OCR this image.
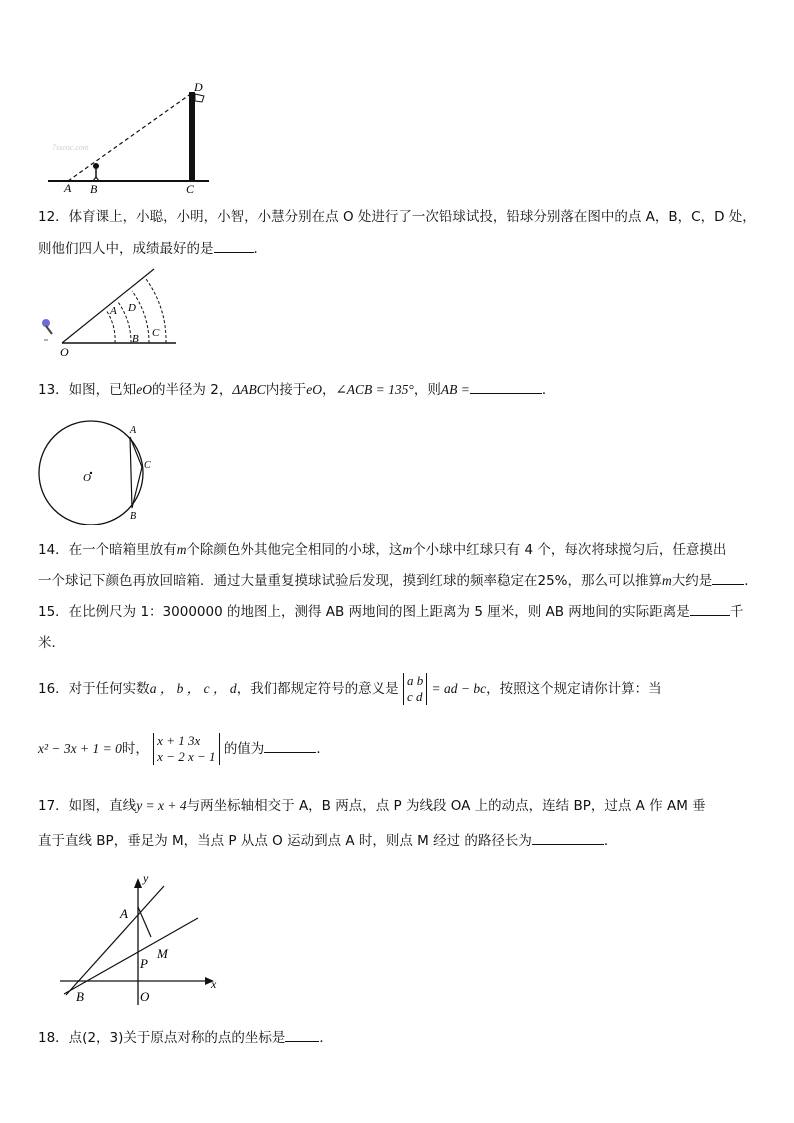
7sseoc.com
A B	C
D
12．体育课上，小聪，小明，小智，小慧分别在点 O 处进行了一次铅球试投，铅球分别落在图中的点 A，B，C，D 处，
则他们四人中，成绩最好的是	．
O
A D
B C
13．如图，已知eO的半径为 2，ΔABC内接于eO，∠ACB = 135°，则AB =	．
A
C
B
O
14．在一个暗箱里放有m个除颜色外其他完全相同的小球，这m个小球中红球只有 4 个，每次将球搅匀后，任意摸出
一个球记下颜色再放回暗箱．通过大量重复摸球试验后发现，摸到红球的频率稳定在25%，那么可以推算m大约是 ．
15．在比例尺为 1：3000000 的地图上，测得 AB 两地间的图上距离为 5 厘米，则 AB 两地间的实际距离是	千
米．
16．对于任何实数a ， b ， c ， d，我们都规定符号的意义是 a b
c d = ad − bc，按照这个规定请你计算：当
x² − 3x + 1 = 0时， x + 1 3x
x − 2 x − 1 的值为	．
17．如图，直线y = x + 4与两坐标轴相交于 A，B 两点，点 P 为线段 OA 上的动点，连结 BP，过点 A 作 AM 垂
直于直线 BP，垂足为 M，当点 P 从点 O 运动到点 A 时，则点 M 经过 的路径长为	．
y
x
A
B	O
P
M
18．点(2，3)关于原点对称的点的坐标是	．
